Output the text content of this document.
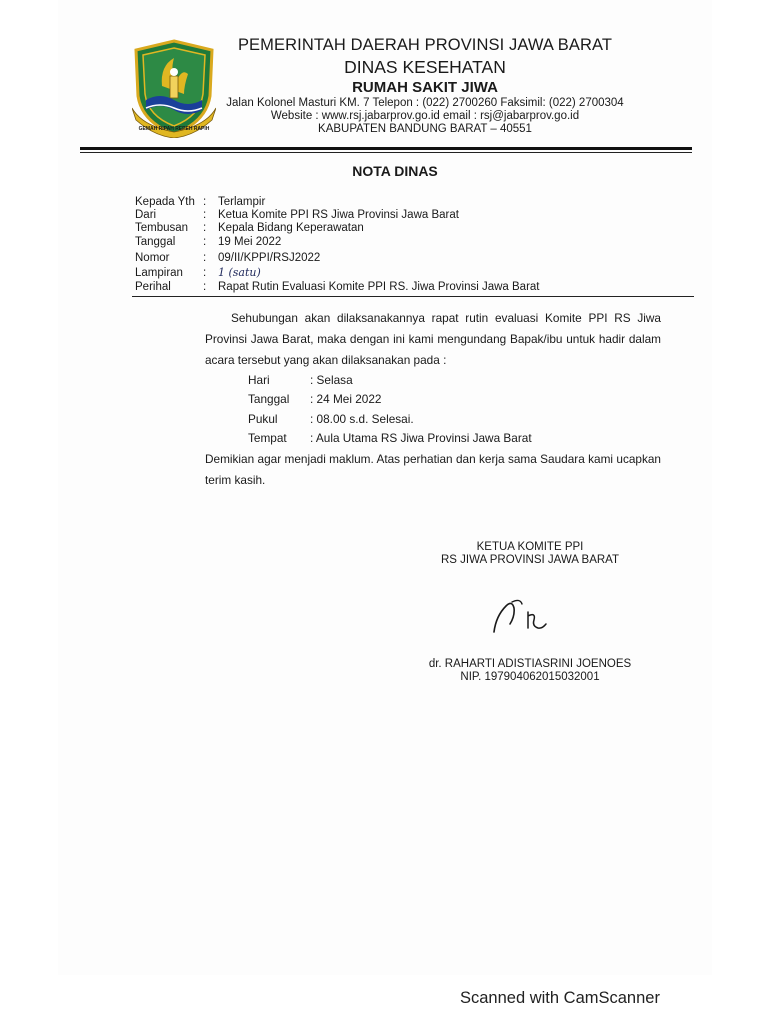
GEMAH RIPAH REPEH RAPIH
PEMERINTAH DAERAH PROVINSI JAWA BARAT
DINAS KESEHATAN
RUMAH SAKIT JIWA
Jalan Kolonel Masturi KM. 7 Telepon : (022) 2700260 Faksimil: (022) 2700304
Website : www.rsj.jabarprov.go.id email : rsj@jabarprov.go.id
KABUPATEN BANDUNG BARAT – 40551
NOTA DINAS
Kepada Yth : Terlampir
Dari	: Ketua Komite PPI RS Jiwa Provinsi Jawa Barat
Tembusan : Kepala Bidang Keperawatan
Tanggal : 19 Mei 2022
Nomor	: 09/II/KPPI/RSJ2022
Lampiran : 1 (satu)
Perihal	: Rapat Rutin Evaluasi Komite PPI RS. Jiwa Provinsi Jawa Barat
Sehubungan akan dilaksanakannya rapat rutin evaluasi Komite PPI RS Jiwa Provinsi Jawa Barat, maka dengan ini kami mengundang Bapak/ibu untuk hadir dalam acara tersebut yang akan dilaksanakan pada :
Hari	: Selasa
Tanggal : 24 Mei 2022
Pukul	: 08.00 s.d. Selesai.
Tempat : Aula Utama RS Jiwa Provinsi Jawa Barat
Demikian agar menjadi maklum. Atas perhatian dan kerja sama Saudara kami ucapkan terim kasih.
KETUA KOMITE PPI
RS JIWA PROVINSI JAWA BARAT
dr. RAHARTI ADISTIASRINI JOENOES
NIP. 197904062015032001
Scanned with CamScanner
